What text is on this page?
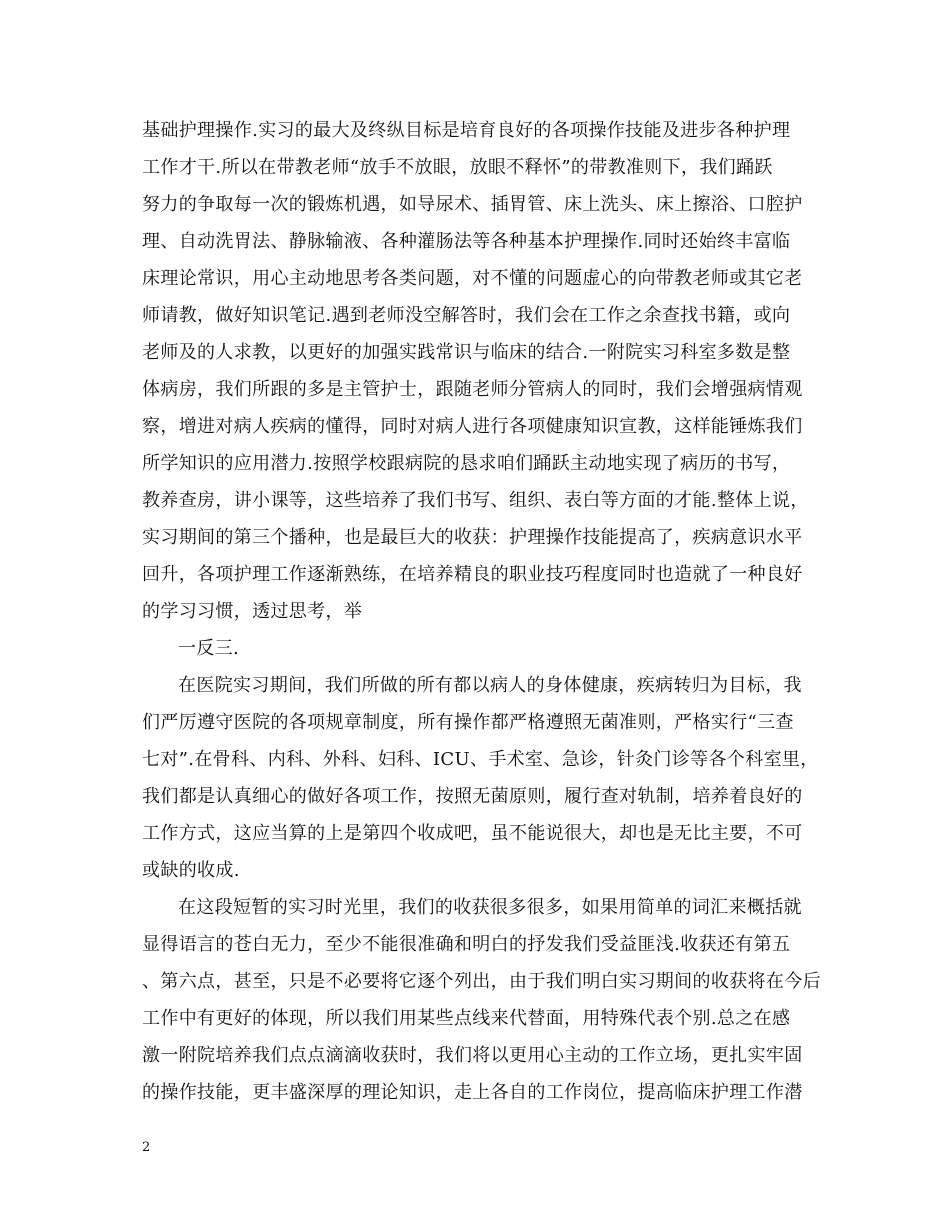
基础护理操作.实习的最大及终纵目标是培育良好的各项操作技能及进步各种护理
工作才干.所以在带教老师“放手不放眼，放眼不释怀”的带教准则下，我们踊跃
努力的争取每一次的锻炼机遇，如导尿术、插胃管、床上洗头、床上擦浴、口腔护
理、自动洗胃法、静脉输液、各种灌肠法等各种基本护理操作.同时还始终丰富临
床理论常识，用心主动地思考各类问题，对不懂的问题虚心的向带教老师或其它老
师请教，做好知识笔记.遇到老师没空解答时，我们会在工作之余查找书籍，或向
老师及的人求教，以更好的加强实践常识与临床的结合.一附院实习科室多数是整
体病房，我们所跟的多是主管护士，跟随老师分管病人的同时，我们会增强病情观
察，增进对病人疾病的懂得，同时对病人进行各项健康知识宣教，这样能锤炼我们
所学知识的应用潜力.按照学校跟病院的恳求咱们踊跃主动地实现了病历的书写，
教养查房，讲小课等，这些培养了我们书写、组织、表白等方面的才能.整体上说，
实习期间的第三个播种，也是最巨大的收获：护理操作技能提高了，疾病意识水平
回升，各项护理工作逐渐熟练，在培养精良的职业技巧程度同时也造就了一种良好
的学习习惯，透过思考，举
一反三.
在医院实习期间，我们所做的所有都以病人的身体健康，疾病转归为目标，我
们严厉遵守医院的各项规章制度，所有操作都严格遵照无菌准则，严格实行“三查
七对”.在骨科、内科、外科、妇科、ICU、手术室、急诊，针灸门诊等各个科室里，
我们都是认真细心的做好各项工作，按照无菌原则，履行查对轨制，培养着良好的
工作方式，这应当算的上是第四个收成吧，虽不能说很大，却也是无比主要，不可
或缺的收成.
在这段短暂的实习时光里，我们的收获很多很多，如果用简单的词汇来概括就
显得语言的苍白无力，至少不能很准确和明白的抒发我们受益匪浅.收获还有第五
、第六点，甚至，只是不必要将它逐个列出，由于我们明白实习期间的收获将在今后
工作中有更好的体现，所以我们用某些点线来代替面，用特殊代表个别.总之在感
激一附院培养我们点点滴滴收获时，我们将以更用心主动的工作立场，更扎实牢固
的操作技能，更丰盛深厚的理论知识，走上各自的工作岗位，提高临床护理工作潜
2
